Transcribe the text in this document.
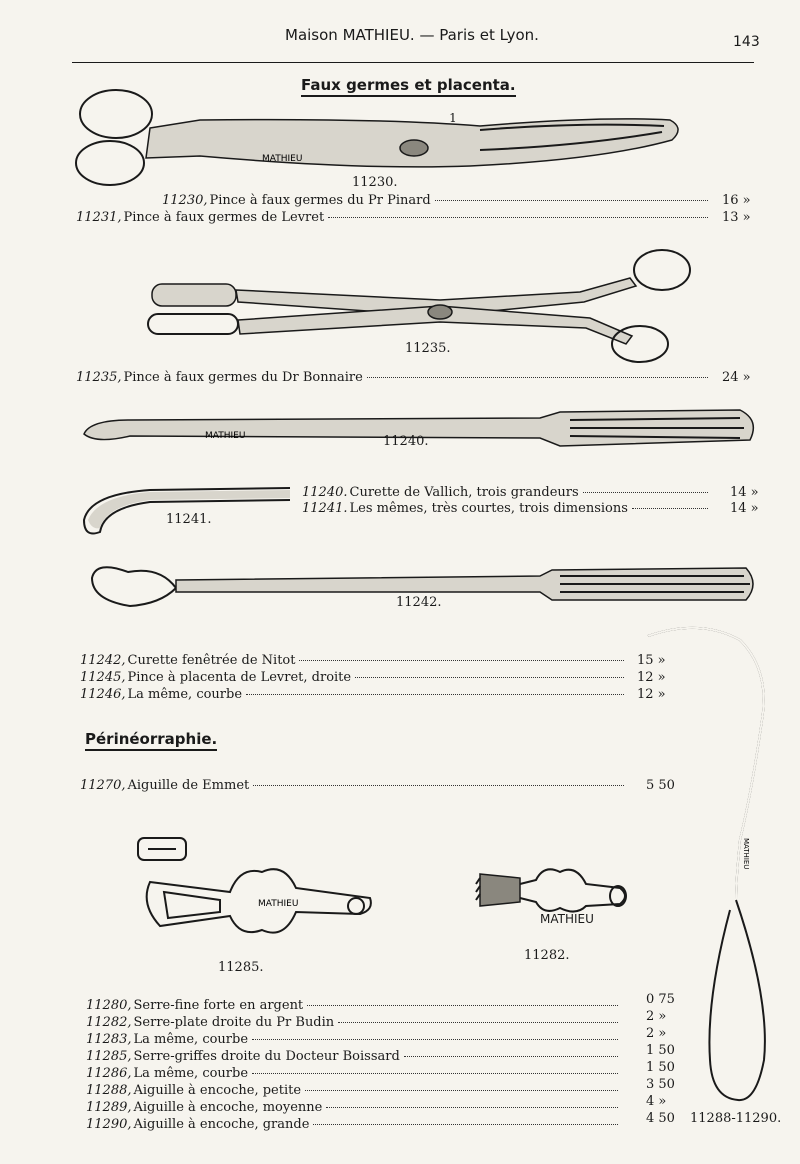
Maison MATHIEU. — Paris et Lyon.	143
Faux germes et placenta.
1
MATHIEU
11230.
11230, Pince à faux germes du Pr Pinard	16 »
11231, Pince à faux germes de Levret	13 »
11235.
11235, Pince à faux germes du Dr Bonnaire	24 »
MATHIEU	11240.
11241.
11240. Curette de Vallich, trois grandeurs	14 »
11241. Les mêmes, très courtes, trois dimensions	14 »
11242.
MATHIEU
11288-11290.
11242, Curette fenêtrée de Nitot	15 »
11245, Pince à placenta de Levret, droite	12 »
11246, La même, courbe	12 »
Périnéorraphie.
11270, Aiguille de Emmet	5 50
MATHIEU
11285.
MATHIEU
11282.
11280, Serre-fine forte en argent	0 75
11282, Serre-plate droite du Pr Budin	2 »
11283, La même, courbe	2 »
11285, Serre-griffes droite du Docteur Boissard	1 50
11286, La même, courbe	1 50
11288, Aiguille à encoche, petite	3 50
11289, Aiguille à encoche, moyenne	4 »
11290, Aiguille à encoche, grande	4 50
